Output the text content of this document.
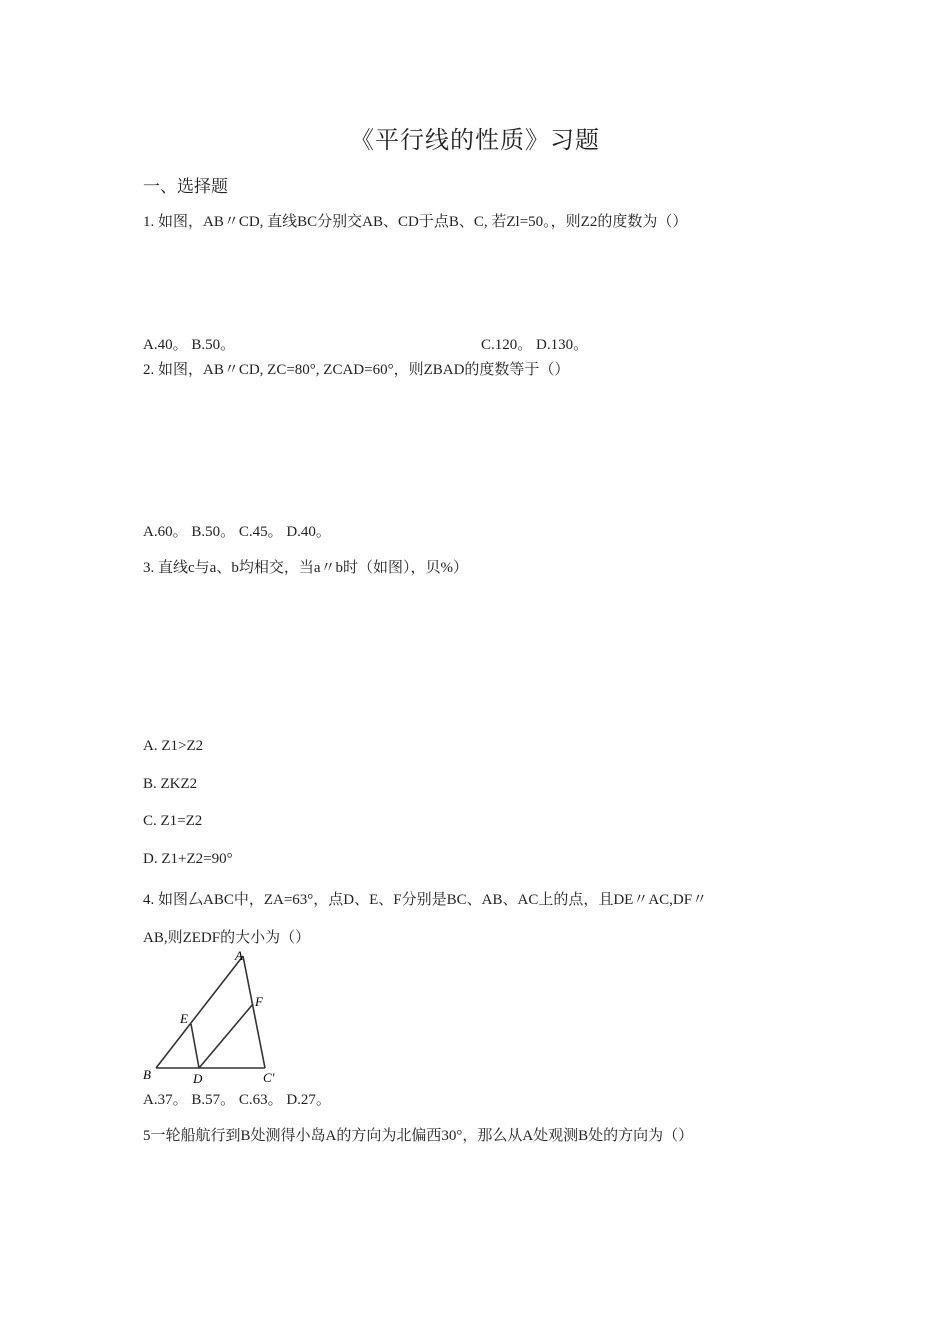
《平行线的性质》习题
一、选择题
1. 如图，AB〃CD, 直线BC分别交AB、CD于点B、C, 若Zl=50。，则Z2的度数为（）
A.40。 B.50。	C.120。 D.130。
2. 如图，AB〃CD, ZC=80°, ZCAD=60°，则ZBAD的度数等于（）
A.60。 B.50。 C.45。 D.40。
3. 直线c与a、b均相交，当a〃b时（如图），贝%）
A. Z1>Z2
B. ZKZ2
C. Z1=Z2
D. Z1+Z2=90°
4. 如图厶ABC中，ZA=63°，点D、E、F分别是BC、AB、AC上的点，且DE〃AC,DF〃
AB,则ZEDF的大小为（）
A
B	C'
D
E
F
A.37。 B.57。 C.63。 D.27。
5一轮船航行到B处测得小岛A的方向为北偏西30°，那么从A处观测B处的方向为（）
